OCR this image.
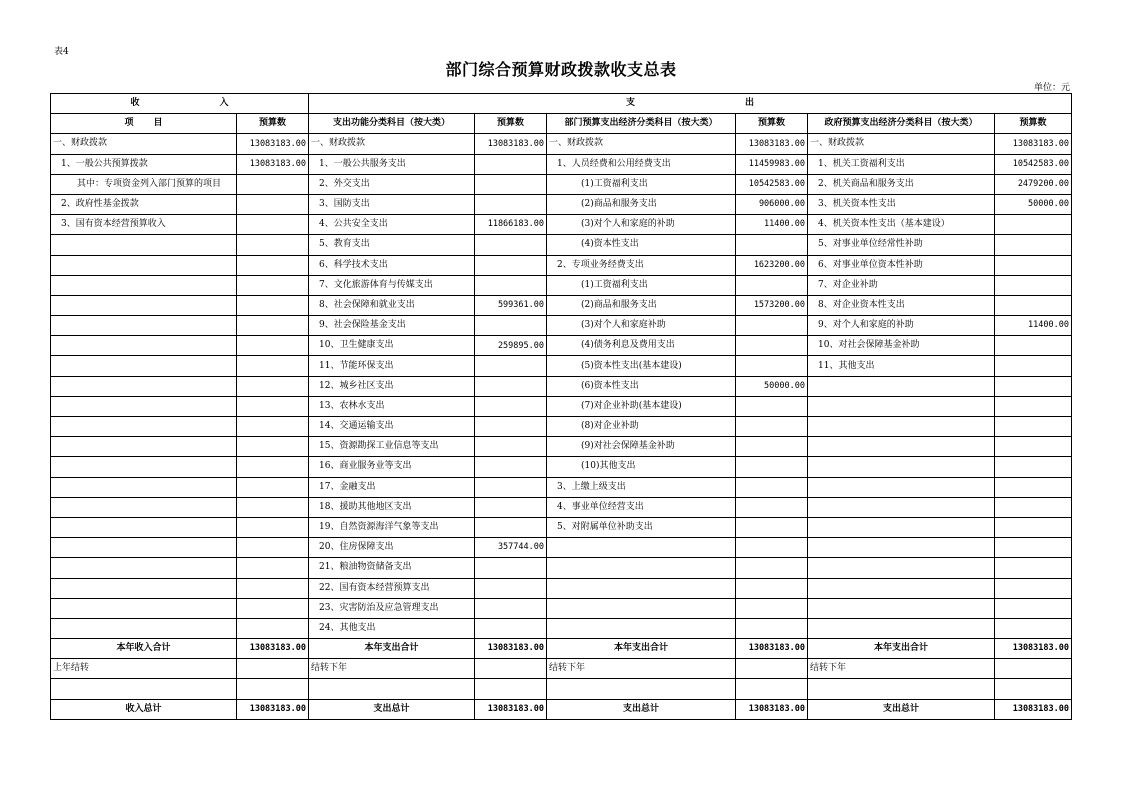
表4
部门综合预算财政拨款收支总表
单位：元
收 入		支 出					
项 目	预算数	支出功能分类科目（按大类）	预算数	部门预算支出经济分类科目（按大类）	预算数	政府预算支出经济分类科目（按大类）	预算数
一、财政拨款	13083183.00	一、财政拨款	13083183.00	一、财政拨款	13083183.00	一、财政拨款	13083183.00
1、一般公共预算拨款	13083183.00	1、一般公共服务支出		1、人员经费和公用经费支出	11459983.00	1、机关工资福利支出	10542583.00
其中：专项资金列入部门预算的项目		2、外交支出		(1)工资福利支出	10542583.00	2、机关商品和服务支出	2479200.00
2、政府性基金拨款		3、国防支出		(2)商品和服务支出	906000.00	3、机关资本性支出	50000.00
3、国有资本经营预算收入		4、公共安全支出	11866183.00	(3)对个人和家庭的补助	11400.00	4、机关资本性支出（基本建设）	
		5、教育支出		(4)资本性支出		5、对事业单位经常性补助	
		6、科学技术支出		2、专项业务经费支出	1623200.00	6、对事业单位资本性补助	
		7、文化旅游体育与传媒支出		(1)工资福利支出		7、对企业补助	
		8、社会保障和就业支出	599361.00	(2)商品和服务支出	1573200.00	8、对企业资本性支出	
		9、社会保险基金支出		(3)对个人和家庭补助		9、对个人和家庭的补助	11400.00
		10、卫生健康支出	259895.00	(4)债务利息及费用支出		10、对社会保障基金补助	
		11、节能环保支出		(5)资本性支出(基本建设)		11、其他支出	
		12、城乡社区支出		(6)资本性支出	50000.00		
		13、农林水支出		(7)对企业补助(基本建设)			
		14、交通运输支出		(8)对企业补助			
		15、资源勘探工业信息等支出		(9)对社会保障基金补助			
		16、商业服务业等支出		(10)其他支出			
		17、金融支出		3、上缴上级支出			
		18、援助其他地区支出		4、事业单位经营支出			
		19、自然资源海洋气象等支出		5、对附属单位补助支出			
		20、住房保障支出	357744.00				
		21、粮油物资储备支出					
		22、国有资本经营预算支出					
		23、灾害防治及应急管理支出					
		24、其他支出					
本年收入合计	13083183.00	本年支出合计	13083183.00	本年支出合计	13083183.00	本年支出合计	13083183.00
上年结转		结转下年		结转下年		结转下年	

收入总计	13083183.00	支出总计	13083183.00	支出总计	13083183.00	支出总计	13083183.00
